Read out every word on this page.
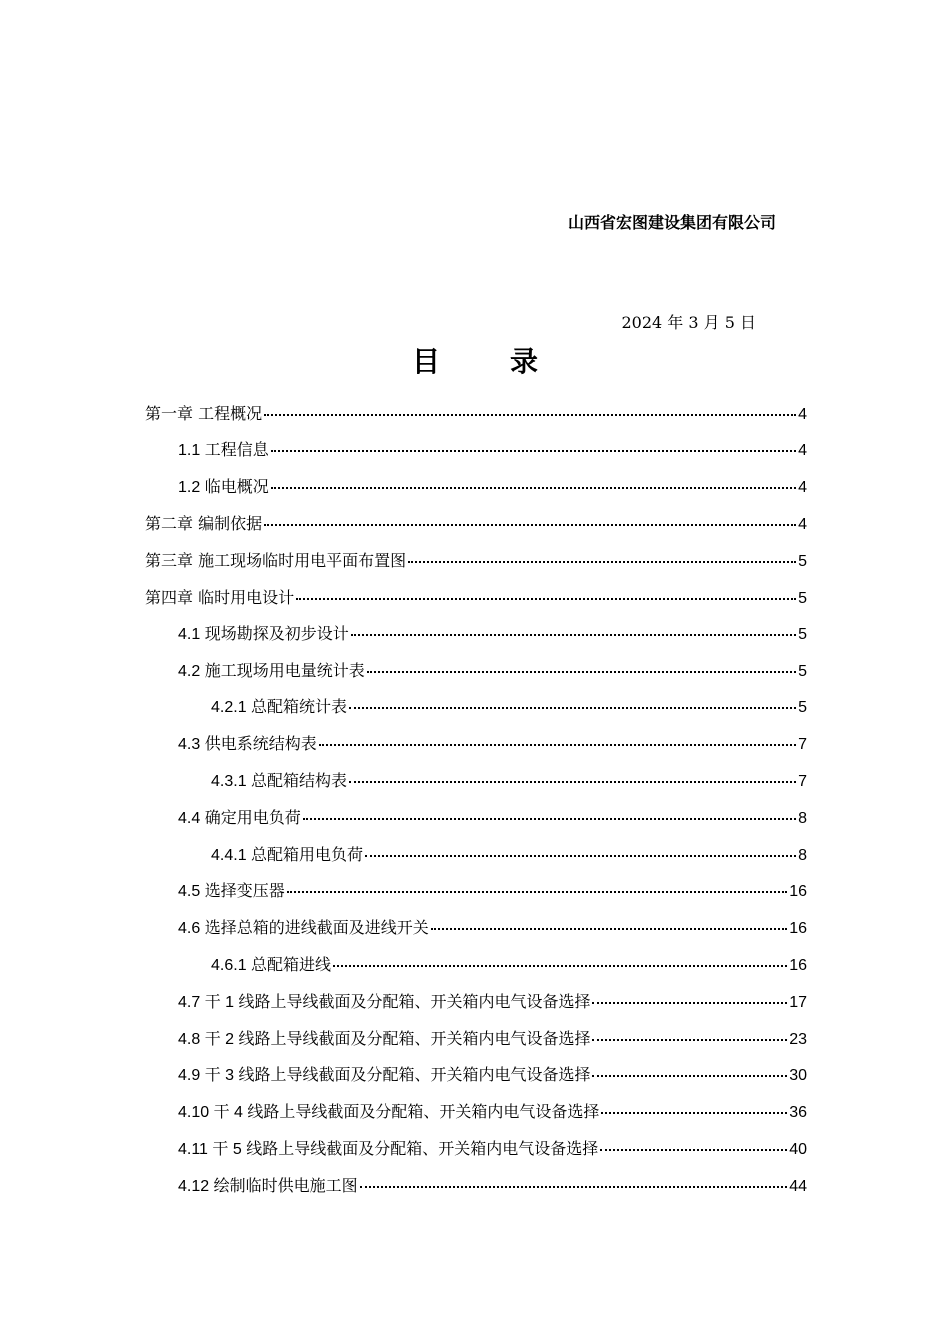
山西省宏图建设集团有限公司
2024 年 3 月 5 日
目录
第一章 工程概况	4
1.1 工程信息	4
1.2 临电概况	4
第二章 编制依据	4
第三章 施工现场临时用电平面布置图	5
第四章 临时用电设计	5
4.1 现场勘探及初步设计	5
4.2 施工现场用电量统计表	5
4.2.1 总配箱统计表	5
4.3 供电系统结构表	7
4.3.1 总配箱结构表	7
4.4 确定用电负荷	8
4.4.1 总配箱用电负荷	8
4.5 选择变压器	16
4.6 选择总箱的进线截面及进线开关	16
4.6.1 总配箱进线	16
4.7 干 1 线路上导线截面及分配箱、开关箱内电气设备选择	17
4.8 干 2 线路上导线截面及分配箱、开关箱内电气设备选择	23
4.9 干 3 线路上导线截面及分配箱、开关箱内电气设备选择	30
4.10 干 4 线路上导线截面及分配箱、开关箱内电气设备选择	36
4.11 干 5 线路上导线截面及分配箱、开关箱内电气设备选择	40
4.12 绘制临时供电施工图	44
